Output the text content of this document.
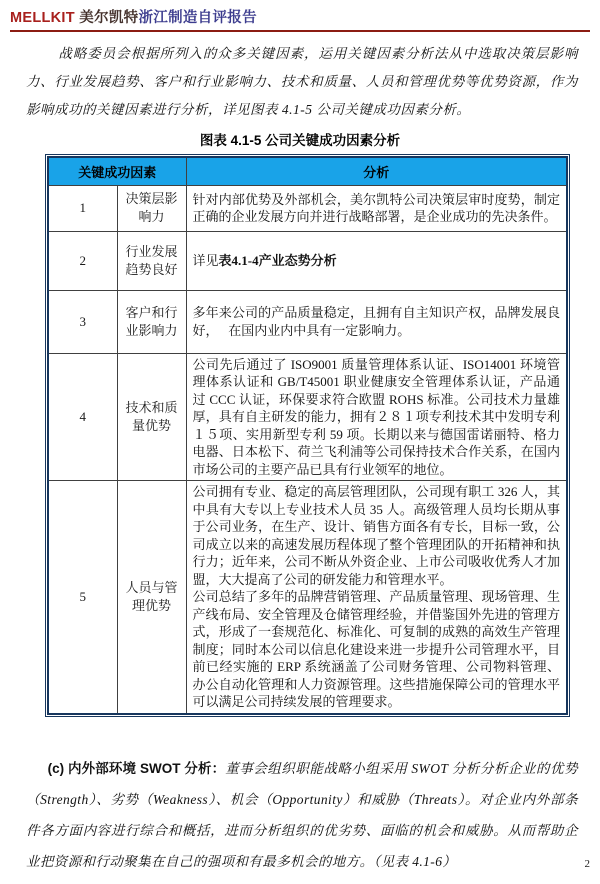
MELLKIT 美尔凯特浙江制造自评报告

战略委员会根据所列入的众多关键因素，运用关键因素分析法从中选取决策层影响力、行业发展趋势、客户和行业影响力、技术和质量、人员和管理优势等优势资源，作为影响成功的关键因素进行分析，详见图表 4.1-5 公司关键成功因素分析。

图表 4.1-5 公司关键成功因素分析
关键成功因素		分析
1	决策层影响力	针对内部优势及外部机会，美尔凯特公司决策层审时度势，制定正确的企业发展方向并进行战略部署，是企业成功的先决条件。
2	行业发展趋势良好	详见表4.1-4产业态势分析
3	客户和行业影响力	多年来公司的产品质量稳定，且拥有自主知识产权，品牌发展良好，　 在国内业内中具有一定影响力。
4	技术和质量优势	公司先后通过了 ISO9001 质量管理体系认证、ISO14001 环境管理体系认证和 GB/T45001 职业健康安全管理体系认证，产品通过 CCC 认证，环保要求符合欧盟 ROHS 标准。公司技术力量雄厚，具有自主研发的能力，拥有２８１项专利技术其中发明专利１５项、实用新型专利 59 项。长期以来与德国雷诺丽特、格力电器、日本松下、荷兰飞利浦等公司保持技术合作关系，在国内市场公司的主要产品已具有行业领军的地位。
5	人员与管理优势	公司拥有专业、稳定的高层管理团队，公司现有职工 326 人，其中具有大专以上专业技术人员 35 人。高级管理人员均长期从事于公司业务，在生产、设计、销售方面各有专长，目标一致，公司成立以来的高速发展历程体现了整个管理团队的开拓精神和执行力；近年来，公司不断从外资企业、上市公司吸收优秀人才加盟，大大提高了公司的研发能力和管理水平。
公司总结了多年的品牌营销管理、产品质量管理、现场管理、生产线布局、安全管理及仓储管理经验，并借鉴国外先进的管理方式，形成了一套规范化、标准化、可复制的成熟的高效生产管理制度；同时本公司以信息化建设来进一步提升公司管理水平，目前已经实施的 ERP 系统涵盖了公司财务管理、公司物料管理、办公自动化管理和人力资源管理。这些措施保障公司的管理水平可以满足公司持续发展的管理要求。

(c) 内外部环境 SWOT 分析：董事会组织职能战略小组采用 SWOT 分析分析企业的优势（Strength）、劣势（Weakness）、机会（Opportunity）和威胁（Threats）。对企业内外部条件各方面内容进行综合和概括，进而分析组织的优劣势、面临的机会和威胁。从而帮助企业把资源和行动聚集在自己的强项和有最多机会的地方。（见表 4.1-6）	2
